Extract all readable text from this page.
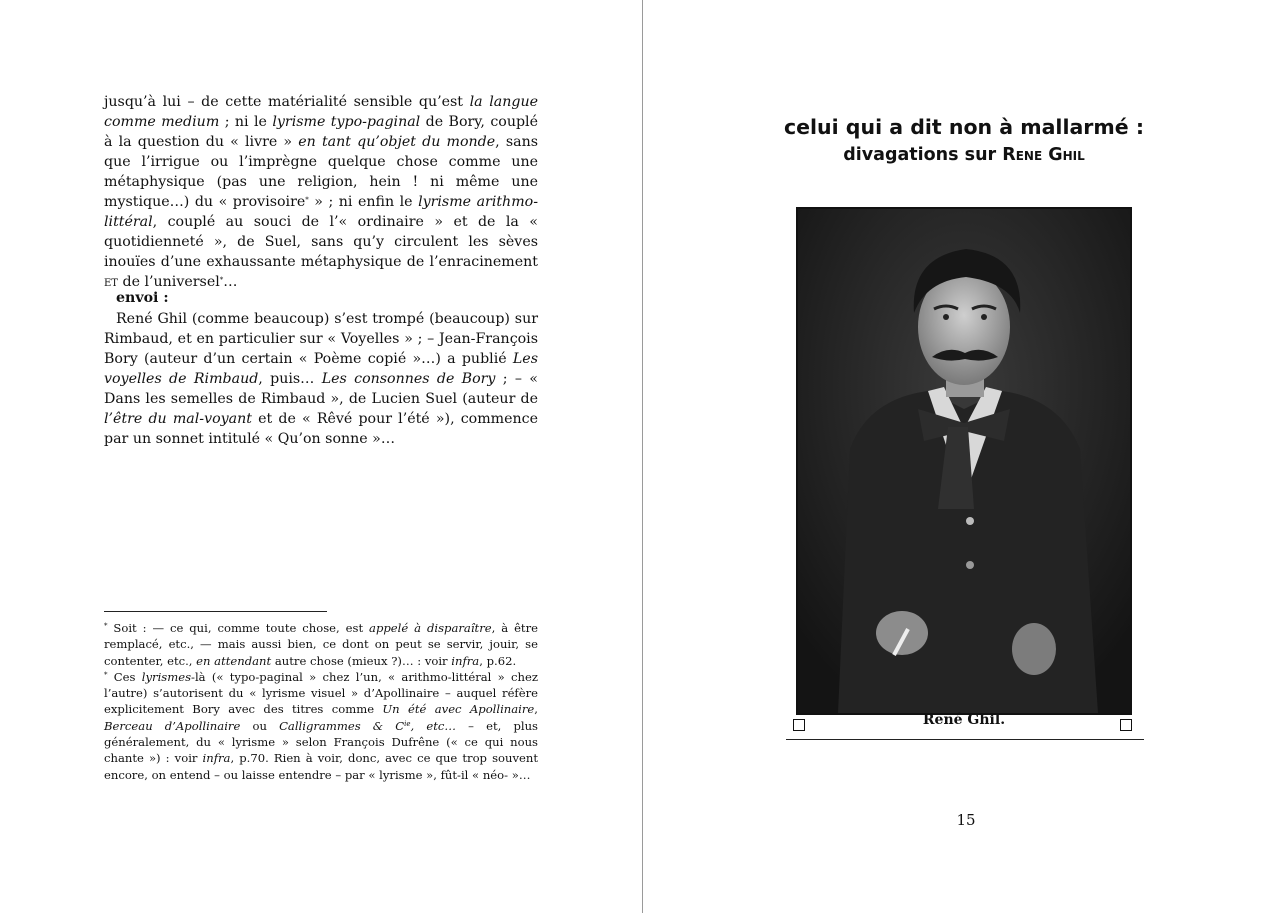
jusqu’à lui – de cette matérialité sensible qu’est la langue comme medium ; ni le lyrisme typo-paginal de Bory, couplé à la question du « livre » en tant qu’objet du monde, sans que l’irrigue ou l’imprègne quelque chose comme une métaphysique (pas une religion, hein ! ni même une mystique…) du « provisoire* » ; ni enfin le lyrisme arithmo-littéral, couplé au souci de l’« ordinaire » et de la « quotidienneté », de Suel, sans qu’y circulent les sèves inouïes d’une exhaussante métaphysique de l’enracinement et de l’universel*…

envoi :

René Ghil (comme beaucoup) s’est trompé (beaucoup) sur Rimbaud, et en particulier sur « Voyelles » ; – Jean-François Bory (auteur d’un certain « Poème copié »…) a publié Les voyelles de Rimbaud, puis… Les consonnes de Bory ; – « Dans les semelles de Rimbaud », de Lucien Suel (auteur de l’être du mal-voyant et de « Rêvé pour l’été »), commence par un sonnet intitulé « Qu’on sonne »…

* Soit : — ce qui, comme toute chose, est appelé à disparaître, à être remplacé, etc., — mais aussi bien, ce dont on peut se servir, jouir, se contenter, etc., en attendant autre chose (mieux ?)… : voir infra, p.62.

* Ces lyrismes-là (« typo-paginal » chez l’un, « arithmo-littéral » chez l’autre) s’autorisent du « lyrisme visuel » d’Apollinaire – auquel réfère explicitement Bory avec des titres comme Un été avec Apollinaire, Berceau d’Apollinaire ou Calligrammes & $C^{ie}$, etc… – et, plus généralement, du « lyrisme » selon François Dufrêne (« ce qui nous chante ») : voir infra, p.70. Rien à voir, donc, avec ce que trop souvent encore, on entend – ou laisse entendre – par « lyrisme », fût-il « néo- »…

celui qui a dit non à mallarmé :
divagations sur Rene Ghil
René Ghil.
15
